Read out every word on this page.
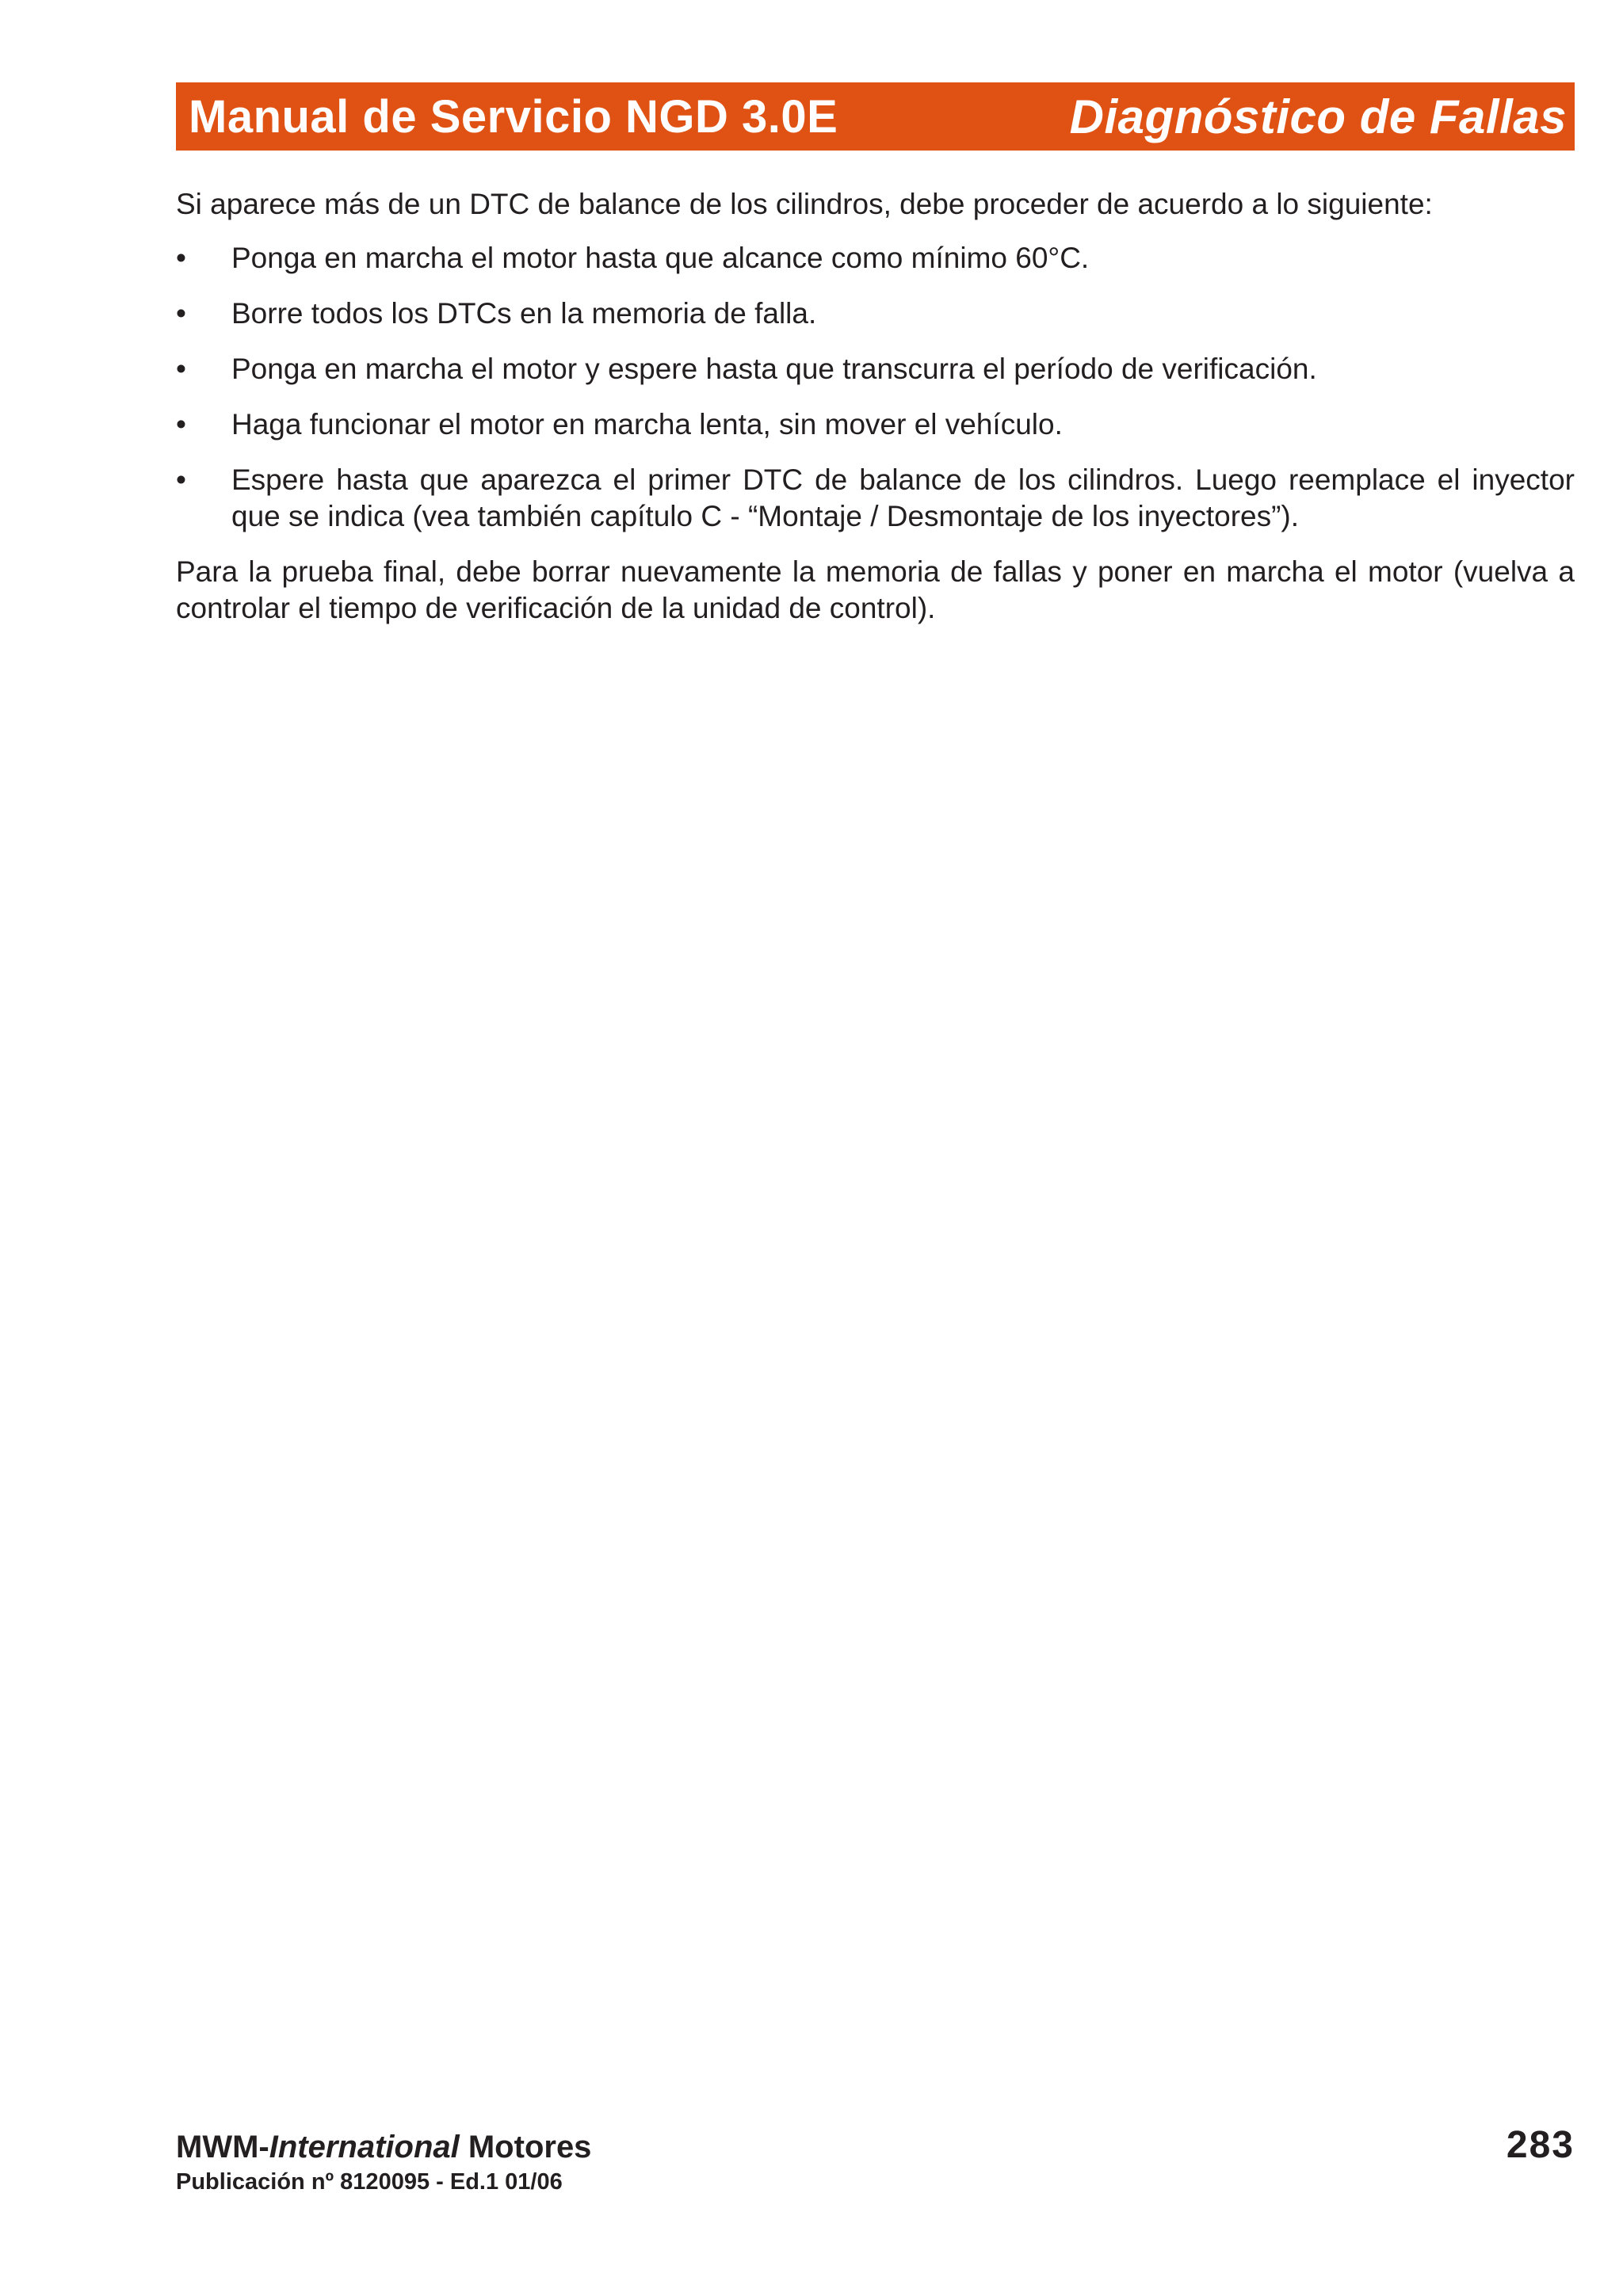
Manual de Servicio NGD 3.0E	Diagnóstico de Fallas

Si aparece más de un DTC de balance de los cilindros, debe proceder de acuerdo a lo siguiente:

•	Ponga en marcha el motor hasta que alcance como mínimo 60°C.
•	Borre todos los DTCs en la memoria de falla.
•	Ponga en marcha el motor y espere hasta que transcurra el período de verificación.
•	Haga funcionar el motor en marcha lenta, sin mover el vehículo.
•	Espere hasta que aparezca el primer DTC de balance de los cilindros. Luego reemplace el inyector que se indica (vea también capítulo C - “Montaje / Desmontaje de los inyectores”).

Para la prueba final, debe borrar nuevamente la memoria de fallas y poner en marcha el motor (vuelva a controlar el tiempo de verificación de la unidad de control).

MWM-International Motores
Publicación nº 8120095 - Ed.1 01/06
283
